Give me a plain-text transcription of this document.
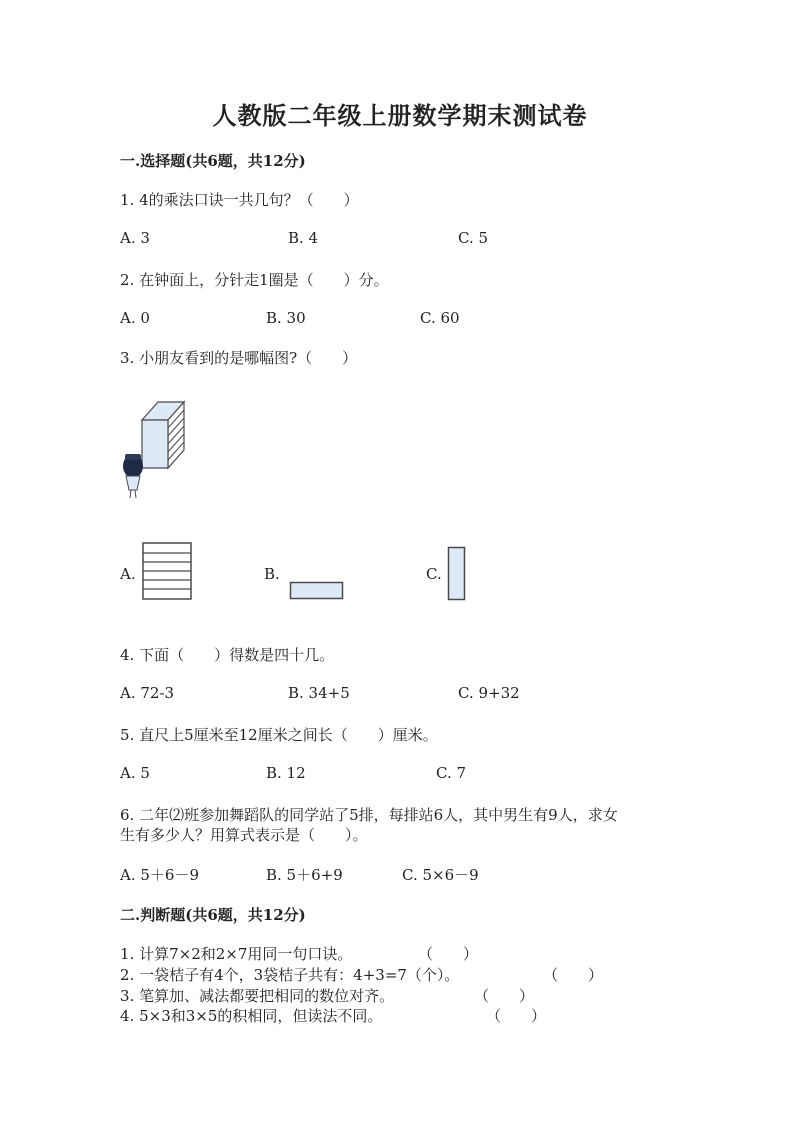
人教版二年级上册数学期末测试卷
一.选择题(共6题，共12分)
1. 4的乘法口诀一共几句？（　　）
A. 3	B. 4	C. 5
2. 在钟面上，分针走1圈是（　　）分。
A. 0	B. 30	C. 60
3. 小朋友看到的是哪幅图?（　　）
A.	B.	C.
4. 下面（　　）得数是四十几。
A. 72-3	B. 34+5	C. 9+32
5. 直尺上5厘米至12厘米之间长（　　）厘米。
A. 5	B. 12	C. 7
6. 二年⑵班参加舞蹈队的同学站了5排，每排站6人，其中男生有9人，求女
生有多少人？用算式表示是（　　）。
A. 5＋6－9	B. 5＋6+9	C. 5×6－9
二.判断题(共6题，共12分)
1. 计算7×2和2×7用同一句口诀。	（　　）
2. 一袋桔子有4个，3袋桔子共有：4+3=7（个）。	（　　）
3. 笔算加、减法都要把相同的数位对齐。	（　　）
4. 5×3和3×5的积相同，但读法不同。	（　　）
